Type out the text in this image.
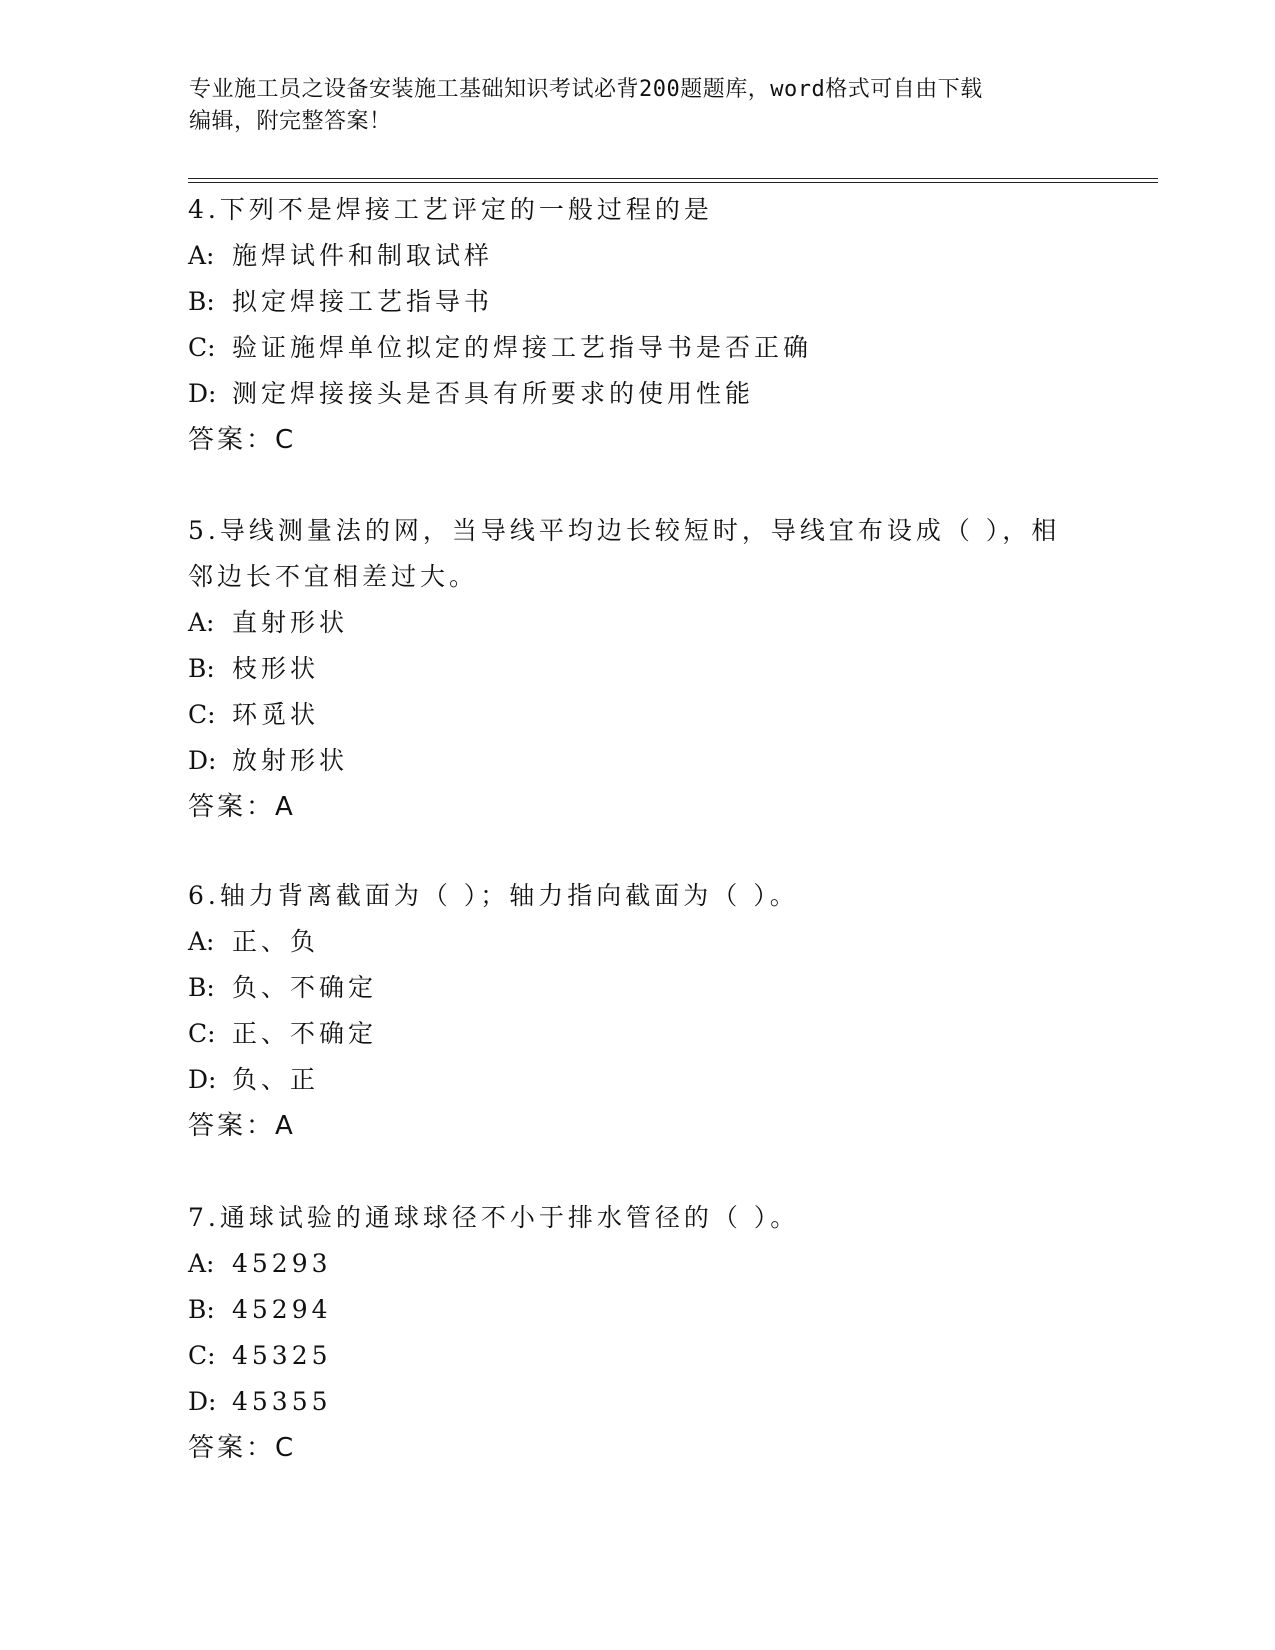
专业施工员之设备安装施工基础知识考试必背200题题库，word格式可自由下载
编辑，附完整答案！
4.下列不是焊接工艺评定的一般过程的是
A: 施焊试件和制取试样
B: 拟定焊接工艺指导书
C: 验证施焊单位拟定的焊接工艺指导书是否正确
D: 测定焊接接头是否具有所要求的使用性能
答案：C
5.导线测量法的网，当导线平均边长较短时，导线宜布设成（ ），相
邻边长不宜相差过大。
A: 直射形状
B: 枝形状
C: 环觅状
D: 放射形状
答案：A
6.轴力背离截面为（ ）；轴力指向截面为（ ）。
A: 正、负
B: 负、不确定
C: 正、不确定
D: 负、正
答案：A
7.通球试验的通球球径不小于排水管径的（ ）。
A: 45293
B: 45294
C: 45325
D: 45355
答案：C
